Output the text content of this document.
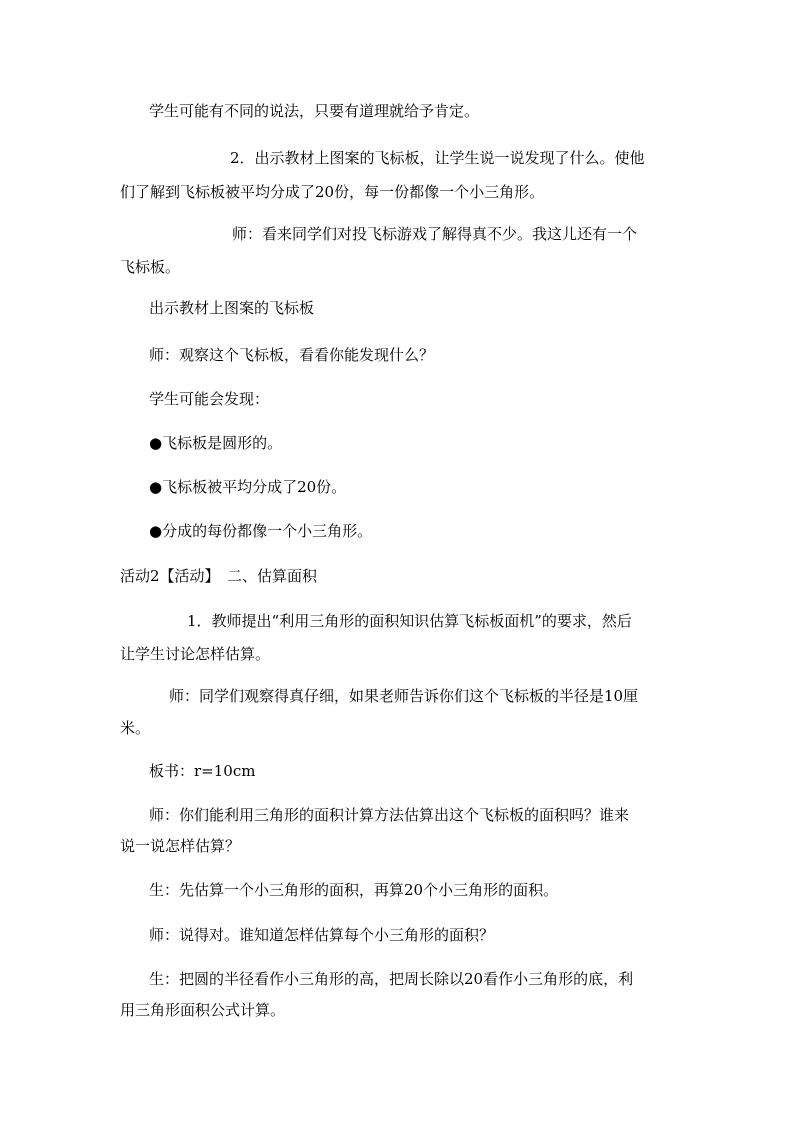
学生可能有不同的说法，只要有道理就给予肯定。
2．出示教材上图案的飞标板，让学生说一说发现了什么。使他
们了解到飞标板被平均分成了20份，每一份都像一个小三角形。
师：看来同学们对投飞标游戏了解得真不少。我这儿还有一个
飞标板。
出示教材上图案的飞标板
师：观察这个飞标板，看看你能发现什么？
学生可能会发现：
●飞标板是圆形的。
●飞标板被平均分成了20份。
●分成的每份都像一个小三角形。
活动2【活动】　二、估算面积
1．教师提出“利用三角形的面积知识估算飞标板面机”的要求，然后
让学生讨论怎样估算。
师：同学们观察得真仔细，如果老师告诉你们这个飞标板的半径是10厘
米。
板书：r=10cm
师：你们能利用三角形的面积计算方法估算出这个飞标板的面积吗？谁来
说一说怎样估算？
生：先估算一个小三角形的面积，再算20个小三角形的面积。
师：说得对。谁知道怎样估算每个小三角形的面积？
生：把圆的半径看作小三角形的高，把周长除以20看作小三角形的底，利
用三角形面积公式计算。
